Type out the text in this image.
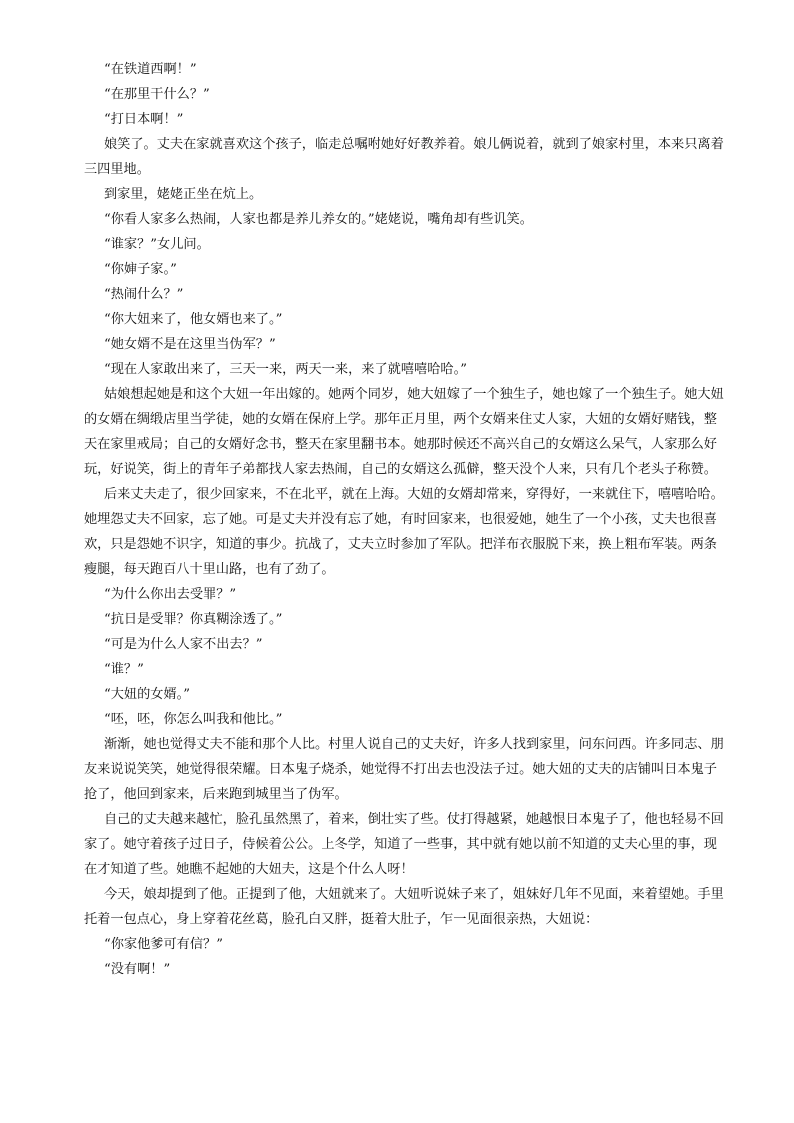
“在铁道西啊！”

“在那里干什么？”

“打日本啊！”

娘笑了。丈夫在家就喜欢这个孩子，临走总嘱咐她好好教养着。娘儿俩说着，就到了娘家村里，本来只离着三四里地。

到家里，姥姥正坐在炕上。

“你看人家多么热闹，人家也都是养儿养女的。”姥姥说，嘴角却有些讥笑。

“谁家？”女儿问。

“你婶子家。”

“热闹什么？”

“你大妞来了，他女婿也来了。”

“她女婿不是在这里当伪军？”

“现在人家敢出来了，三天一来，两天一来，来了就嘻嘻哈哈。”

姑娘想起她是和这个大妞一年出嫁的。她两个同岁，她大妞嫁了一个独生子，她也嫁了一个独生子。她大妞的女婿在绸缎店里当学徒，她的女婿在保府上学。那年正月里，两个女婿来住丈人家，大妞的女婿好赌钱，整天在家里戒局；自己的女婿好念书，整天在家里翻书本。她那时候还不高兴自己的女婿这么呆气，人家那么好玩，好说笑，街上的青年子弟都找人家去热闹，自己的女婿这么孤僻，整天没个人来，只有几个老头子称赞。

后来丈夫走了，很少回家来，不在北平，就在上海。大妞的女婿却常来，穿得好，一来就住下，嘻嘻哈哈。她埋怨丈夫不回家，忘了她。可是丈夫并没有忘了她，有时回家来，也很爱她，她生了一个小孩，丈夫也很喜欢，只是怨她不识字，知道的事少。抗战了，丈夫立时参加了军队。把洋布衣服脱下来，换上粗布军装。两条瘦腿，每天跑百八十里山路，也有了劲了。

“为什么你出去受罪？”

“抗日是受罪？你真糊涂透了。”

“可是为什么人家不出去？”

“谁？”

“大妞的女婿。”

“呸，呸，你怎么叫我和他比。”

渐渐，她也觉得丈夫不能和那个人比。村里人说自己的丈夫好，许多人找到家里，问东问西。许多同志、朋友来说说笑笑，她觉得很荣耀。日本鬼子烧杀，她觉得不打出去也没法子过。她大妞的丈夫的店铺叫日本鬼子抢了，他回到家来，后来跑到城里当了伪军。

自己的丈夫越来越忙，脸孔虽然黑了，着来，倒壮实了些。仗打得越紧，她越恨日本鬼子了，他也轻易不回家了。她守着孩子过日子，侍候着公公。上冬学，知道了一些事，其中就有她以前不知道的丈夫心里的事，现在才知道了些。她瞧不起她的大妞夫，这是个什么人呀！

今天，娘却提到了他。正提到了他，大妞就来了。大妞听说妹子来了，姐妹好几年不见面，来着望她。手里托着一包点心，身上穿着花丝葛，脸孔白又胖，挺着大肚子，乍一见面很亲热，大妞说：

“你家他爹可有信？”

“没有啊！”
